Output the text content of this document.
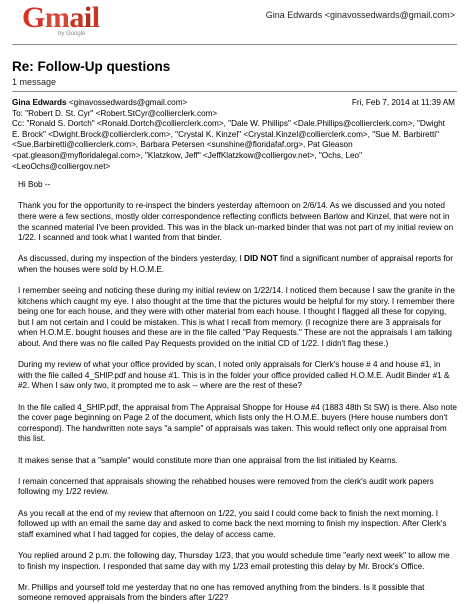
Gmail
by Google
Gina Edwards <ginavossedwards@gmail.com>
Re: Follow-Up questions
1 message
Gina Edwards <ginavossedwards@gmail.com>	Fri, Feb 7, 2014 at 11:39 AM
To: "Robert D. St. Cyr" <Robert.StCyr@collierclerk.com>
Cc: "Ronald S. Dortch" <Ronald.Dortch@collierclerk.com>, "Dale W. Phillips" <Dale.Phillips@collierclerk.com>, "Dwight
E. Brock" <Dwight.Brock@collierclerk.com>, "Crystal K. Kinzel" <Crystal.Kinzel@collierclerk.com>, "Sue M. Barbiretti"
<Sue.Barbiretti@collierclerk.com>, Barbara Petersen <sunshine@floridafaf.org>, Pat Gleason
<pat.gleason@myfloridalegal.com>, "Klatzkow, Jeff" <JeffKlatzkow@colliergov.net>, "Ochs, Leo"
<LeoOchs@colliergov.net>

Hi Bob --

Thank you for the opportunity to re-inspect the binders yesterday afternoon on 2/6/14. As we discussed and you noted there were a few sections, mostly older correspondence reflecting conflicts between Barlow and Kinzel, that were not in the scanned material I've been provided. This was in the black un-marked binder that was not part of my initial review on 1/22. I scanned and took what I wanted from that binder.

As discussed, during my inspection of the binders yesterday, I DID NOT find a significant number of appraisal reports for when the houses were sold by H.O.M.E.

I remember seeing and noticing these during my initial review on 1/22/14. I noticed them because I saw the granite in the kitchens which caught my eye. I also thought at the time that the pictures would be helpful for my story. I remember there being one for each house, and they were with other material from each house. I thought I flagged all these for copying, but I am not certain and I could be mistaken. This is what I recall from memory. (I recognize there are 3 appraisals for when H.O.M.E. bought houses and these are in the file called "Pay Requests." These are not the appraisals I am talking about. And there was no file called Pay Requests provided on the initial CD of 1/22. I didn't flag these.)

During my review of what your office provided by scan, I noted only appraisals for Clerk's house # 4 and house #1, in with the file called 4_SHIP.pdf and house #1. This is in the folder your office provided called H.O.M.E. Audit Binder #1 & #2. When I saw only two, it prompted me to ask -- where are the rest of these?

In the file called 4_SHIP.pdf, the appraisal from The Appraisal Shoppe for House #4 (1883 48th St SW) is there. Also note the cover page beginning on Page 2 of the document, which lists only the H.O.M.E. buyers (Here house numbers don't correspond). The handwritten note says "a sample" of appraisals was taken. This would reflect only one appraisal from this list.

It makes sense that a "sample" would constitute more than one appraisal from the list initialed by Kearns.

I remain concerned that appraisals showing the rehabbed houses were removed from the clerk's audit work papers following my 1/22 review.

As you recall at the end of my review that afternoon on 1/22, you said I could come back to finish the next morning. I followed up with an email the same day and asked to come back the next morning to finish my inspection. After Clerk's staff examined what I had tagged for copies, the delay of access came.

You replied around 2 p.m. the following day, Thursday 1/23, that you would schedule time "early next week" to allow me to finish my inspection. I responded that same day with my 1/23 email protesting this delay by Mr. Brock's Office.

Mr. Phillips and yourself told me yesterday that no one has removed anything from the binders. Is it possible that someone removed appraisals from the binders after 1/22?
